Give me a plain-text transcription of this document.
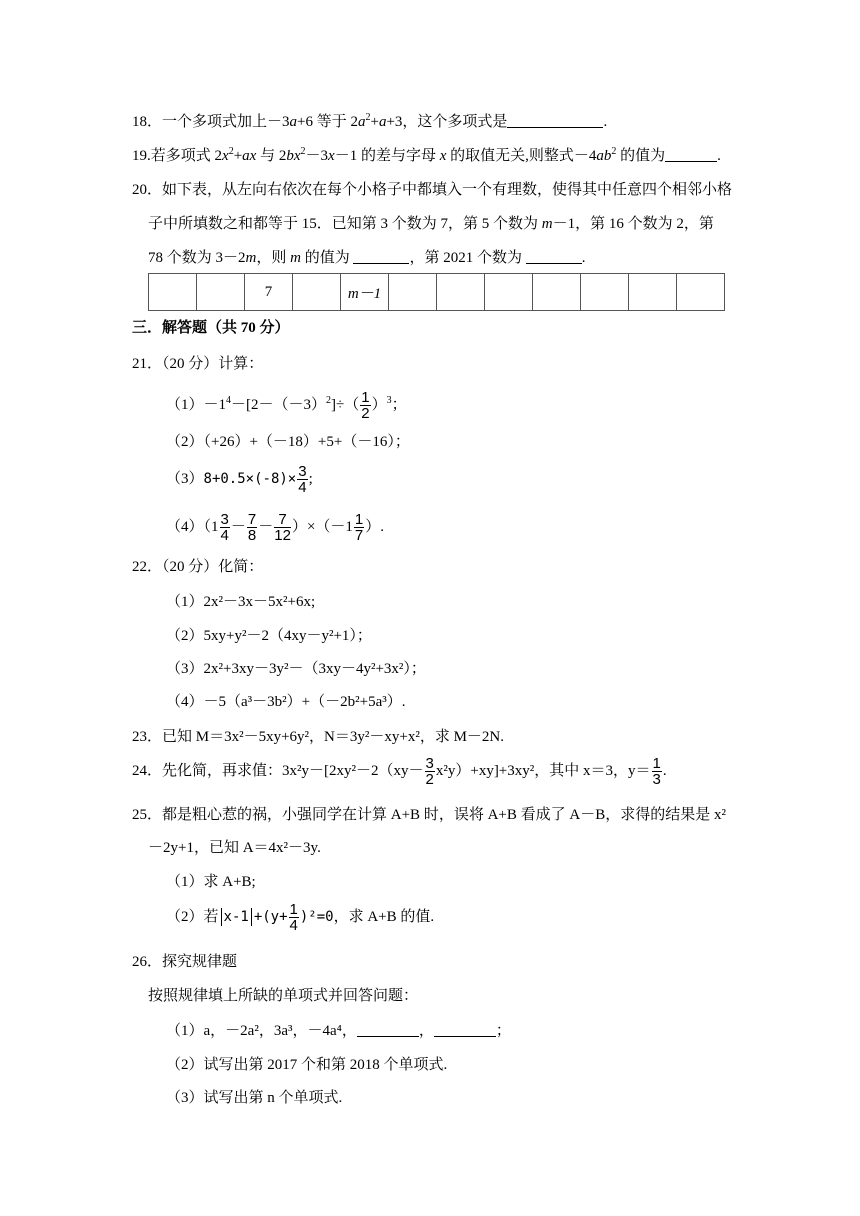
18．一个多项式加上－3a+6 等于 $2a^2+a+3$，这个多项式是	.
19.若多项式 $2x^2+ax$ 与 $2bx^2-3x-1$ 的差与字母 x 的取值无关,则整式$-4ab^2$ 的值为	.
20．如下表，从左向右依次在每个小格子中都填入一个有理数，使得其中任意四个相邻小格
子中所填数之和都等于 15．已知第 3 个数为 7，第 5 个数为 m－1，第 16 个数为 2，第
78 个数为 3－2m，则 m 的值为	，第 2021 个数为	.
		7		m－1							
三．解答题（共 70 分）
21．（20 分）计算：
$(1)-1^4-[2-(-3)^2]\div( \frac{1}{2} )^3$；
（2）（+26）+（－18）+5+（－16）；
$(3)8+0.5\times(-8)\times \frac{3}{4}$ ;
$(4)(1 \frac{3}{4} - \frac{7}{8} - \frac{7}{12} )\times(-1 \frac{1}{7}$ ）.
22．（20 分）化简：
（1）2x²－3x－5x²+6x;
（2）5xy+y²－2（4xy－y²+1）；
（3）2x²+3xy－3y²－（3xy－4y²+3x²）；
（4）－5（a³－3b²）+（－2b²+5a³）.
23．已知 M＝3x²－5xy+6y²，N＝3y²－xy+x²，求 M－2N.
24．先化简，再求值：$3x^2y-[2xy^2-2(xy- \frac{3}{2} x^2y)+xy]+3xy^2$，其中 x＝3，$y= \frac{1}{3}$ .
25．都是粗心惹的祸，小强同学在计算 A+B 时，误将 A+B 看成了 A－B，求得的结果是 x²
－2y+1，已知 A＝4x²－3y.
（1）求 A+B;
（2）若 $x-1 +(y+ \frac{1}{4} )^2=0$，求 A+B 的值.
26．探究规律题
按照规律填上所缺的单项式并回答问题：
（1）a，－2a²，3a³，－4a⁴，	，	；
（2）试写出第 2017 个和第 2018 个单项式.
（3）试写出第 n 个单项式.
